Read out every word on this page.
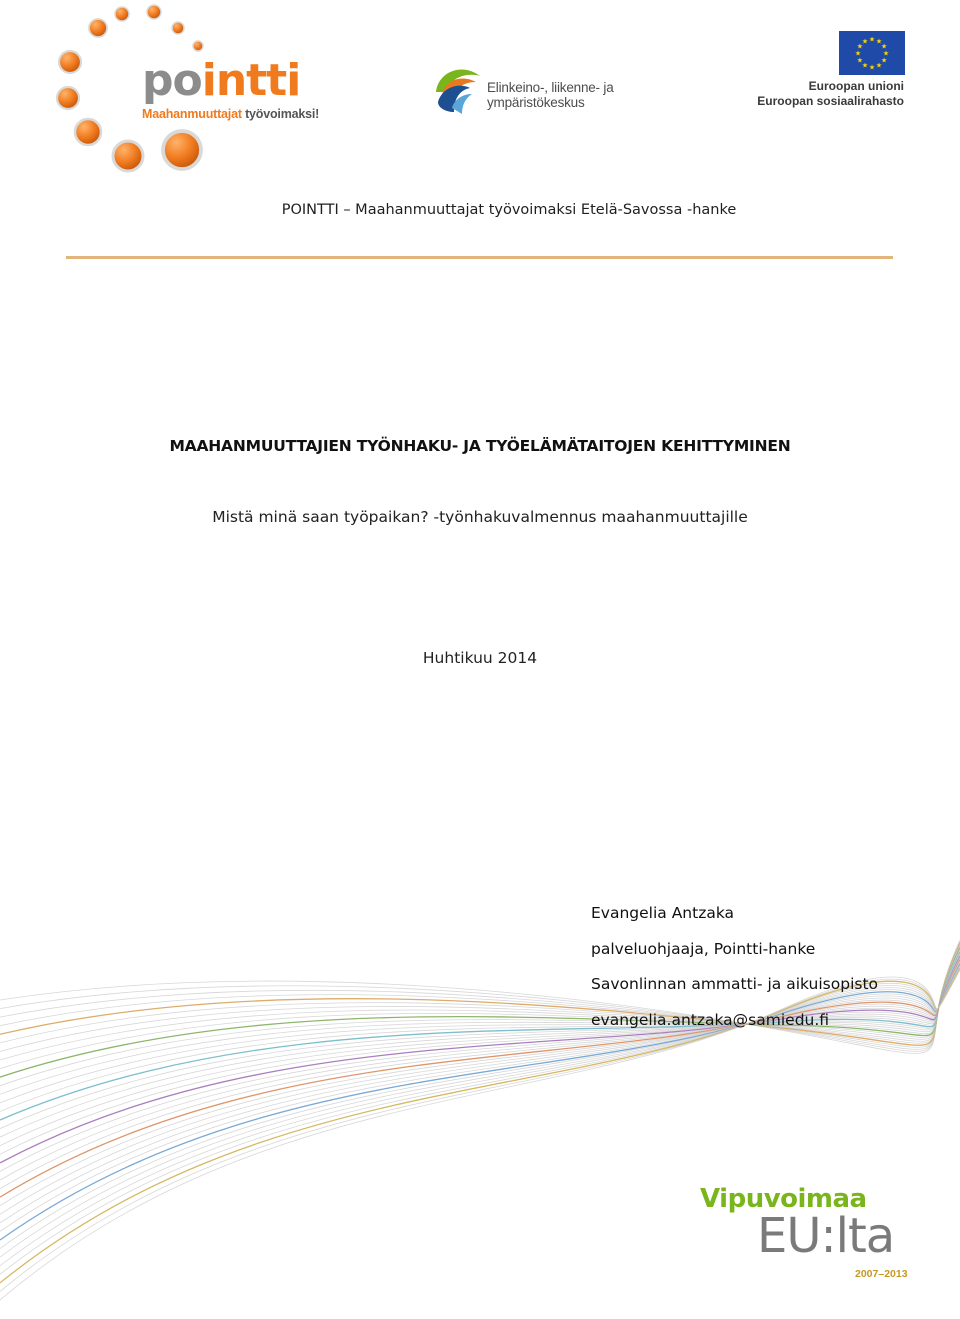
pointti
Maahanmuuttajat työvoimaksi!
Elinkeino-, liikenne- ja
ympäristökeskus
★
★
★
★
★
★
★
★
★ ★ ★
★
Euroopan unioni
Euroopan sosiaalirahasto
POINTTI – Maahanmuuttajat työvoimaksi Etelä-Savossa -hanke
MAAHANMUUTTAJIEN TYÖNHAKU- JA TYÖELÄMÄTAITOJEN KEHITTYMINEN
Mistä minä saan työpaikan? -työnhakuvalmennus maahanmuuttajille
Huhtikuu 2014
Evangelia Antzaka
palveluohjaaja, Pointti-hanke
Savonlinnan ammatti- ja aikuisopisto
evangelia.antzaka@samiedu.fi
Vipuvoimaa
EU:lta
2007–2013
